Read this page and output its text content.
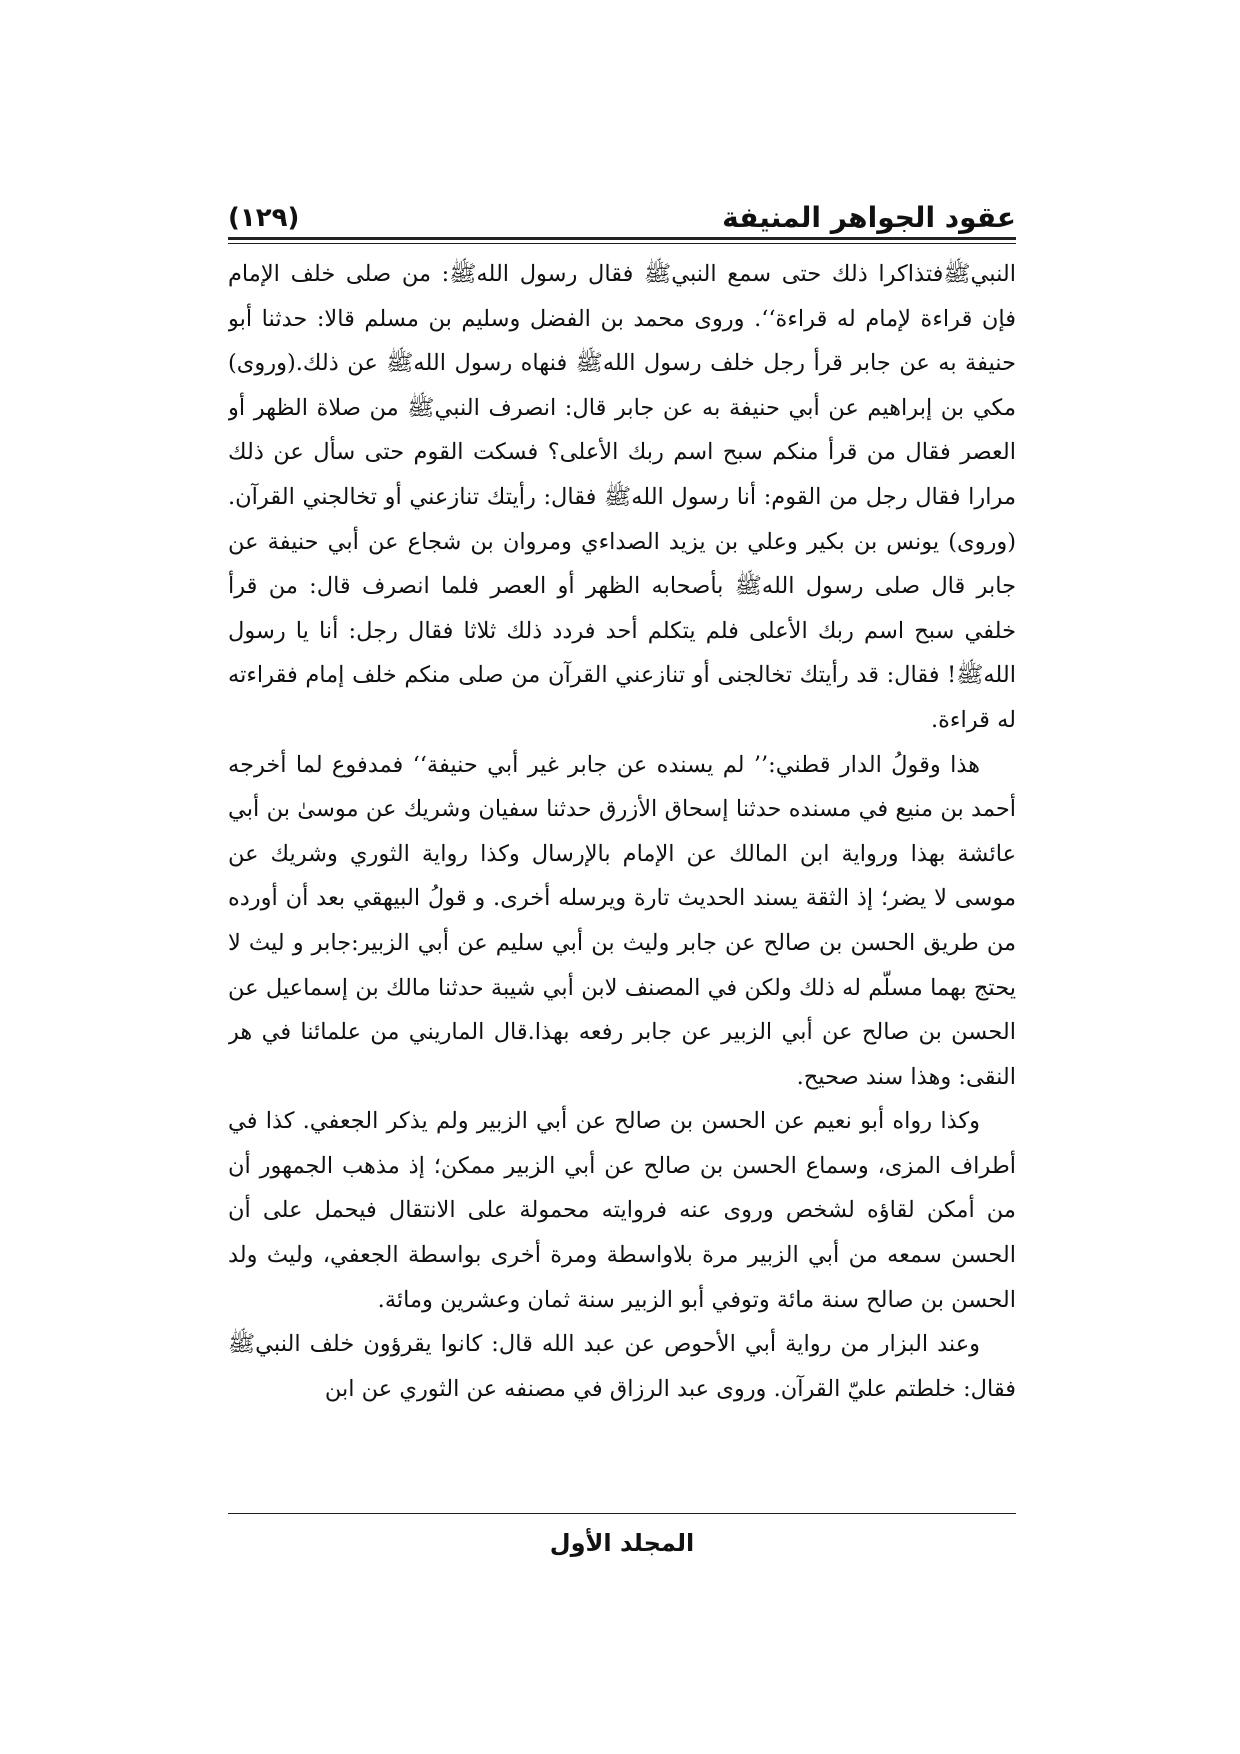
عقود الجواهر المنيفة
(١٢٩)

النبيﷺفتذاكرا ذلك حتى سمع النبيﷺ فقال رسول اللهﷺ: من صلى خلف الإمام فإن قراءة لإمام له قراءة‘‘. وروى محمد بن الفضل وسليم بن مسلم قالا: حدثنا أبو حنيفة به عن جابر قرأ رجل خلف رسول اللهﷺ فنهاه رسول اللهﷺ عن ذلك.(وروى) مكي بن إبراهيم عن أبي حنيفة به عن جابر قال: انصرف النبيﷺ من صلاة الظهر أو العصر فقال من قرأ منكم سبح اسم ربك الأعلى؟ فسكت القوم حتى سأل عن ذلك مرارا فقال رجل من القوم: أنا رسول اللهﷺ فقال: رأيتك تنازعني أو تخالجني القرآن.(وروى) يونس بن بكير وعلي بن يزيد الصداءي ومروان بن شجاع عن أبي حنيفة عن جابر قال صلى رسول اللهﷺ بأصحابه الظهر أو العصر فلما انصرف قال: من قرأ خلفي سبح اسم ربك الأعلى فلم يتكلم أحد فردد ذلك ثلاثا فقال رجل: أنا يا رسول اللهﷺ! فقال: قد رأيتك تخالجنى أو تنازعني القرآن من صلى منكم خلف إمام فقراءته له قراءة.

هذا وقولُ الدار قطني:’’ لم يسنده عن جابر غير أبي حنيفة‘‘ فمدفوع لما أخرجه أحمد بن منيع في مسنده حدثنا إسحاق الأزرق حدثنا سفيان وشريك عن موسىٰ بن أبي عائشة بهذا ورواية ابن المالك عن الإمام بالإرسال وكذا رواية الثوري وشريك عن موسى لا يضر؛ إذ الثقة يسند الحديث تارة ويرسله أخرى. و قولُ البيهقي بعد أن أورده من طريق الحسن بن صالح عن جابر وليث بن أبي سليم عن أبي الزبير:جابر و ليث لا يحتج بهما مسلّم له ذلك ولكن في المصنف لابن أبي شيبة حدثنا مالك بن إسماعيل عن الحسن بن صالح عن أبي الزبير عن جابر رفعه بهذا.قال الماريني من علمائنا في هر النقى: وهذا سند صحيح.

وكذا رواه أبو نعيم عن الحسن بن صالح عن أبي الزبير ولم يذكر الجعفي. كذا في أطراف المزى، وسماع الحسن بن صالح عن أبي الزبير ممكن؛ إذ مذهب الجمهور أن من أمكن لقاؤه لشخص وروى عنه فروايته محمولة على الانتقال فيحمل على أن الحسن سمعه من أبي الزبير مرة بلاواسطة ومرة أخرى بواسطة الجعفي، وليث ولد الحسن بن صالح سنة مائة وتوفي أبو الزبير سنة ثمان وعشرين ومائة.

وعند البزار من رواية أبي الأحوص عن عبد الله قال: كانوا يقرؤون خلف النبيﷺ فقال: خلطتم عليّ القرآن. وروى عبد الرزاق في مصنفه عن الثوري عن ابن

المجلد الأول
